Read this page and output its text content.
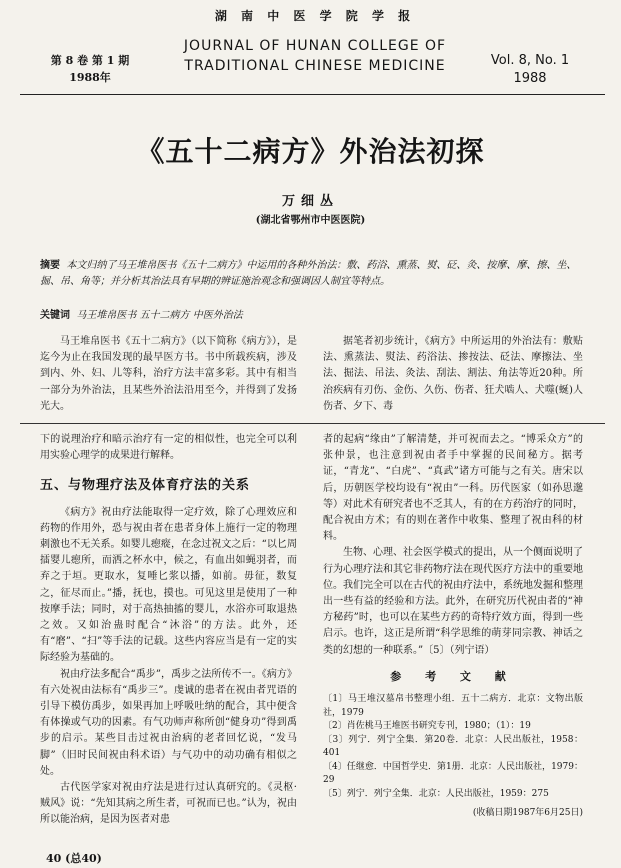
第 8 卷 第 1 期
1988年
湖 南 中 医 学 院 学 报
JOURNAL OF HUNAN COLLEGE OF
TRADITIONAL CHINESE MEDICINE	Vol. 8, No. 1
1988
《五十二病方》外治法初探
万细丛
(湖北省鄂州市中医医院)
摘要 本文归纳了马王堆帛医书《五十二病方》中运用的各种外治法：敷、药浴、熏蒸、熨、砭、灸、按摩、摩、擦、坐、掘、吊、角等；并分析其治法具有早期的辨证施治观念和强调因人制宜等特点。
关键词 马王堆帛医书 五十二病方 中医外治法

马王堆帛医书《五十二病方》（以下简称《病方》），是迄今为止在我国发现的最早医方书。书中所载疾病，涉及到内、外、妇、儿等科，治疗方法丰富多彩。其中有相当一部分为外治法，且某些外治法沿用至今，并得到了发扬光大。

据笔者初步统计，《病方》中所运用的外治法有：敷贴法、熏蒸法、熨法、药浴法、掺按法、砭法、摩擦法、坐法、掘法、吊法、灸法、刮法、割法、角法等近20种。所治疾病有刃伤、金伤、久伤、伤者、狂犬啮人、犬噬(蜒)人伤者、夕下、毒

下的说理治疗和暗示治疗有一定的相似性，也完全可以利用实验心理学的成果进行解释。

五、与物理疗法及体育疗法的关系

《病方》祝由疗法能取得一定疗效，除了心理效应和药物的作用外，恐与祝由者在患者身体上施行一定的物理刺激也不无关系。如婴儿瘛瘲，在念过祝文之后：“以匕周擂婴儿瘛所，而洒之杯水中，候之，有血出如蝇羽者，而弃之于垣。更取水，复唾匕浆以播，如前。毋征，数复之，征尽而止。”播，抚也，摸也。可见这里是使用了一种按摩手法；同时，对于高热抽搐的婴儿，水浴亦可取退热之效。又如治蛊时配合“沐浴”的方法。此外，还有“磨”、“扫”等手法的记载。这些内容应当是有一定的实际经验为基础的。

祝由疗法多配合“禹步”，禹步之法所传不一。《病方》有六处祝由法标有“禹步三”。虔诚的患者在祝由者咒语的引导下模仿禹步，如果再加上呼吸吐纳的配合，其中便含有体操或气功的因素。有气功师声称所创“健身功”得到禹步的启示。某些目击过祝由治病的老者回忆说，“发马脚”（旧时民间祝由科术语）与气功中的动功确有相似之处。

古代医学家对祝由疗法是进行过认真研究的。《灵枢·贼风》说：“先知其病之所生者，可祝而已也。”认为，祝由所以能治病，是因为医者对患

者的起病“缘由”了解清楚，并可祝而去之。“博采众方”的张仲景，也注意到祝由者手中掌握的民间秘方。据考证，“青龙”、“白虎”、“真武”诸方可能与之有关。唐宋以后，历朝医学校均设有“祝由”一科。历代医家（如孙思邈等）对此术有研究者也不乏其人，有的在方药治疗的同时，配合祝由方术；有的则在著作中收集、整理了祝由科的材料。

生物、心理、社会医学模式的提出，从一个侧面说明了行为心理疗法和其它非药物疗法在现代医疗方法中的重要地位。我们完全可以在古代的祝由疗法中，系统地发掘和整理出一些有益的经验和方法。此外，在研究历代祝由者的“神方秘药”时，也可以在某些方药的奇特疗效方面，得到一些启示。也许，这正是所谓“科学思维的萌芽同宗教、神话之类的幻想的一种联系。”〔5〕（列宁语）

参 考 文 献
〔1〕马王堆汉墓帛书整理小组．五十二病方．北京：文物出版社，1979
〔2〕肖佐桃马王堆医书研究专刊，1980；（1）：19
〔3〕列宁．列宁全集．第20卷．北京：人民出版社，1958：401
〔4〕任继愈．中国哲学史．第1册．北京：人民出版社，1979：29
〔5〕列宁．列宁全集．北京：人民出版社，1959：275
(收稿日期1987年6月25日)
40 (总40)
